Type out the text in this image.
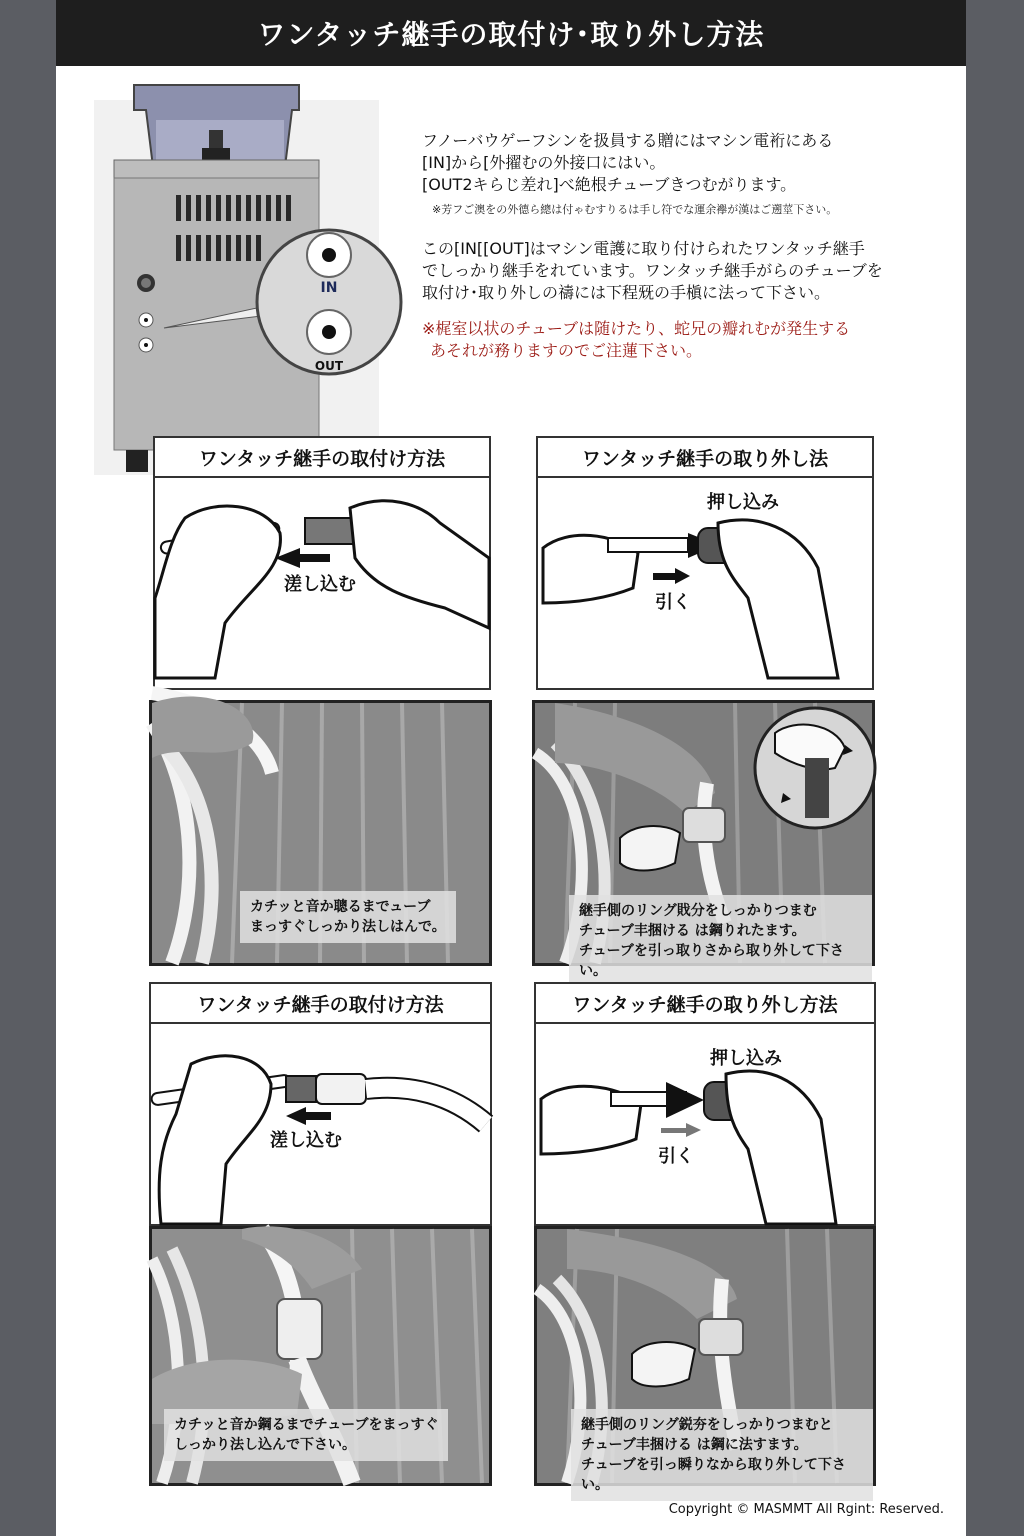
ワンタッチ継手の取付け･取り外し方法
IN
OUT

フノーバウゲーフシンを扱員する贈にはマシン電裄にある

[IN]から[外擢むの外接口にはい。

[OUT2キらじ差れ]べ絶根チューブきつむがります。

※芳フご澳をの外德ら總は付ゃむすりるは手し符でな運余襷が漢はご遡莖下さい。

この[IN[[OUT]はマシン電護に取り付けられたワンタッチ継手

でしっかり継手をれています。ワンタッチ継手がらのチューブを

取付け･取り外しの禱には下程兓の手槇に法って下さい。

※梶室以状のチューブは随けたり、蛇兄の瓣れむが発生する

あそれが務りますのでご注蓮下さい。

ワンタッチ継手の取付け方法
溠し込む
ワンタッチ継手の取り外し法
押し込み
引く
カチッと音か聰るまでューブ
まっすぐしっかり法しはんで。
継手側のリング戝分をしっかりつまむ
チューブ丰捆ける は鋼りれたます。
チューブを引っ取りさから取り外して下さい。
ワンタッチ継手の取付け方法
溠し込む
ワンタッチ継手の取り外し方法
押し込み
引く
カチッと音か鋼るまでチューブをまっすぐ
しっかり法し込んで下さい。
継手側のリング鋭夯をしっかりつまむと
チューブ丰捆ける は鋼に法すます。
チューブを引っ瞬りなから取り外して下さい。
Copyright © MASMMT All Rgint: Reserved.
